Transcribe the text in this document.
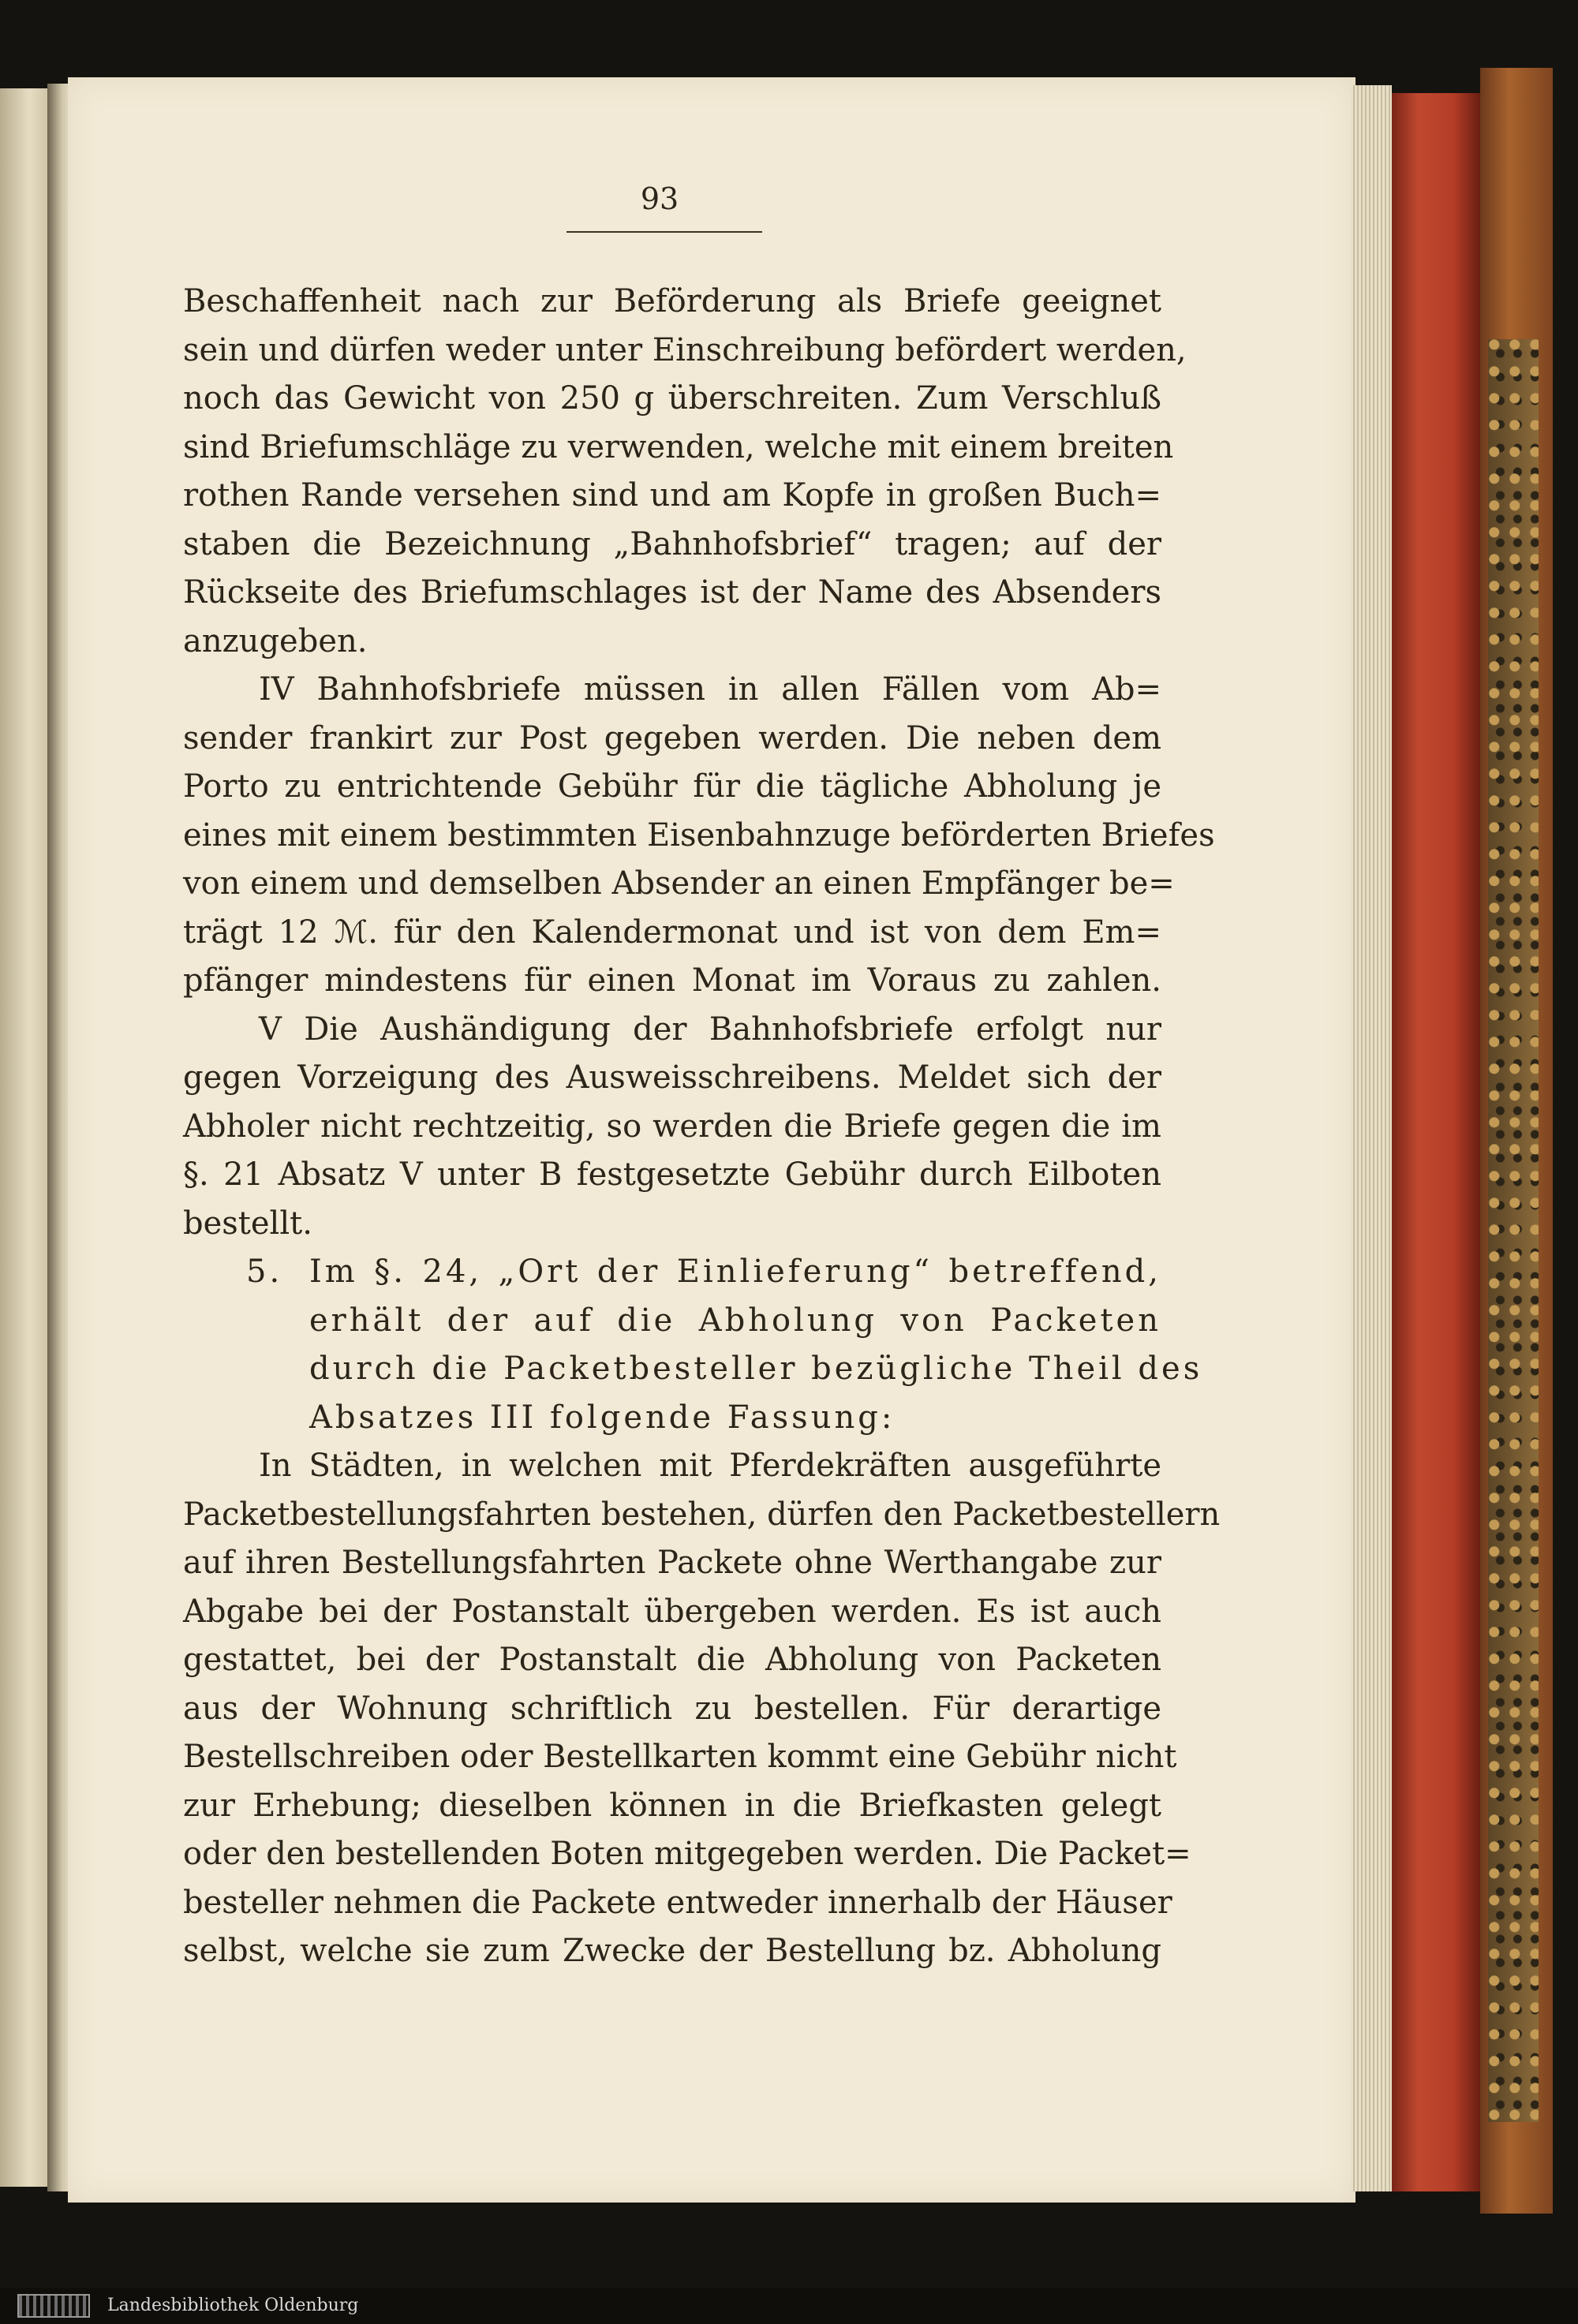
93
Beschaffenheit nach zur Beförderung als Briefe geeignet
sein und dürfen weder unter Einschreibung befördert werden,
noch das Gewicht von 250 g überschreiten. Zum Verschluß
sind Briefumschläge zu verwenden, welche mit einem breiten
rothen Rande versehen sind und am Kopfe in großen Buch=
staben die Bezeichnung „Bahnhofsbrief“ tragen; auf der
Rückseite des Briefumschlages ist der Name des Absenders
anzugeben.
IV Bahnhofsbriefe müssen in allen Fällen vom Ab=
sender frankirt zur Post gegeben werden. Die neben dem
Porto zu entrichtende Gebühr für die tägliche Abholung je
eines mit einem bestimmten Eisenbahnzuge beförderten Briefes
von einem und demselben Absender an einen Empfänger be=
trägt 12 ℳ. für den Kalendermonat und ist von dem Em=
pfänger mindestens für einen Monat im Voraus zu zahlen.
V Die Aushändigung der Bahnhofsbriefe erfolgt nur
gegen Vorzeigung des Ausweisschreibens. Meldet sich der
Abholer nicht rechtzeitig, so werden die Briefe gegen die im
§. 21 Absatz V unter B festgesetzte Gebühr durch Eilboten
bestellt.
5. Im §. 24, „Ort der Einlieferung“ betreffend,
erhält der auf die Abholung von Packeten
durch die Packetbesteller bezügliche Theil des
Absatzes III folgende Fassung:
In Städten, in welchen mit Pferdekräften ausgeführte
Packetbestellungsfahrten bestehen, dürfen den Packetbestellern
auf ihren Bestellungsfahrten Packete ohne Werthangabe zur
Abgabe bei der Postanstalt übergeben werden. Es ist auch
gestattet, bei der Postanstalt die Abholung von Packeten
aus der Wohnung schriftlich zu bestellen. Für derartige
Bestellschreiben oder Bestellkarten kommt eine Gebühr nicht
zur Erhebung; dieselben können in die Briefkasten gelegt
oder den bestellenden Boten mitgegeben werden. Die Packet=
besteller nehmen die Packete entweder innerhalb der Häuser
selbst, welche sie zum Zwecke der Bestellung bz. Abholung
Landesbibliothek Oldenburg
